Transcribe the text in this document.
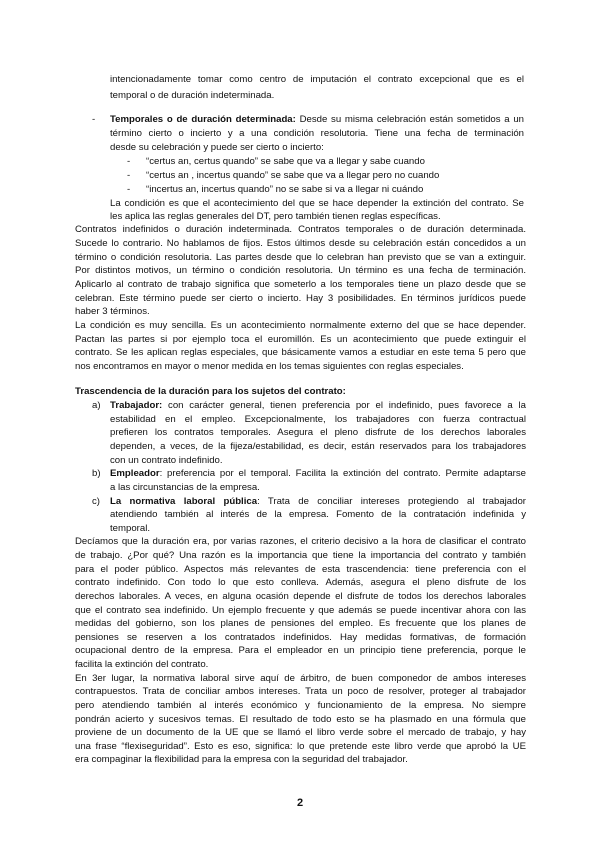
intencionadamente tomar como centro de imputación el contrato excepcional que es el
temporal o de duración indeterminada.
- Temporales o de duración determinada: Desde su misma celebración están sometidos a un
término cierto o incierto y a una condición resolutoria. Tiene una fecha de terminación
desde su celebración y puede ser cierto o incierto:
- “certus an, certus quando” se sabe que va a llegar y sabe cuando
- “certus an , incertus quando” se sabe que va a llegar pero no cuando
- “incertus an, incertus quando” no se sabe si va a llegar ni cuándo
La condición es que el acontecimiento del que se hace depender la extinción del contrato. Se
les aplica las reglas generales del DT, pero también tienen reglas específicas.
Contratos indefinidos o duración indeterminada. Contratos temporales o de duración determinada.
Sucede lo contrario. No hablamos de fijos. Estos últimos desde su celebración están concedidos a un
término o condición resolutoria. Las partes desde que lo celebran han previsto que se van a extinguir.
Por distintos motivos, un término o condición resolutoria. Un término es una fecha de terminación.
Aplicarlo al contrato de trabajo significa que someterlo a los temporales tiene un plazo desde que se
celebran. Este término puede ser cierto o incierto. Hay 3 posibilidades. En términos jurídicos puede
haber 3 términos.
La condición es muy sencilla. Es un acontecimiento normalmente externo del que se hace depender.
Pactan las partes si por ejemplo toca el euromillón. Es un acontecimiento que puede extinguir el
contrato. Se les aplican reglas especiales, que básicamente vamos a estudiar en este tema 5 pero que
nos encontramos en mayor o menor medida en los temas siguientes con reglas especiales.
Trascendencia de la duración para los sujetos del contrato:
a) Trabajador: con carácter general, tienen preferencia por el indefinido, pues favorece a la
estabilidad en el empleo. Excepcionalmente, los trabajadores con fuerza contractual
prefieren los contratos temporales. Asegura el pleno disfrute de los derechos laborales
dependen, a veces, de la fijeza/estabilidad, es decir, están reservados para los trabajadores
con un contrato indefinido.
b) Empleador: preferencia por el temporal. Facilita la extinción del contrato. Permite adaptarse
a las circunstancias de la empresa.
c) La normativa laboral pública: Trata de conciliar intereses protegiendo al trabajador
atendiendo también al interés de la empresa. Fomento de la contratación indefinida y
temporal.
Decíamos que la duración era, por varias razones, el criterio decisivo a la hora de clasificar el contrato
de trabajo. ¿Por qué? Una razón es la importancia que tiene la importancia del contrato y también
para el poder público. Aspectos más relevantes de esta trascendencia: tiene preferencia con el
contrato indefinido. Con todo lo que esto conlleva. Además, asegura el pleno disfrute de los
derechos laborales. A veces, en alguna ocasión depende el disfrute de todos los derechos laborales
que el contrato sea indefinido. Un ejemplo frecuente y que además se puede incentivar ahora con las
medidas del gobierno, son los planes de pensiones del empleo. Es frecuente que los planes de
pensiones se reserven a los contratados indefinidos. Hay medidas formativas, de formación
ocupacional dentro de la empresa. Para el empleador en un principio tiene preferencia, porque le
facilita la extinción del contrato.
En 3er lugar, la normativa laboral sirve aquí de árbitro, de buen componedor de ambos intereses
contrapuestos. Trata de conciliar ambos intereses. Trata un poco de resolver, proteger al trabajador
pero atendiendo también al interés económico y funcionamiento de la empresa. No siempre
pondrán acierto y sucesivos temas. El resultado de todo esto se ha plasmado en una fórmula que
proviene de un documento de la UE que se llamó el libro verde sobre el mercado de trabajo, y hay
una frase “flexiseguridad”. Esto es eso, significa: lo que pretende este libro verde que aprobó la UE
era compaginar la flexibilidad para la empresa con la seguridad del trabajador.
2
